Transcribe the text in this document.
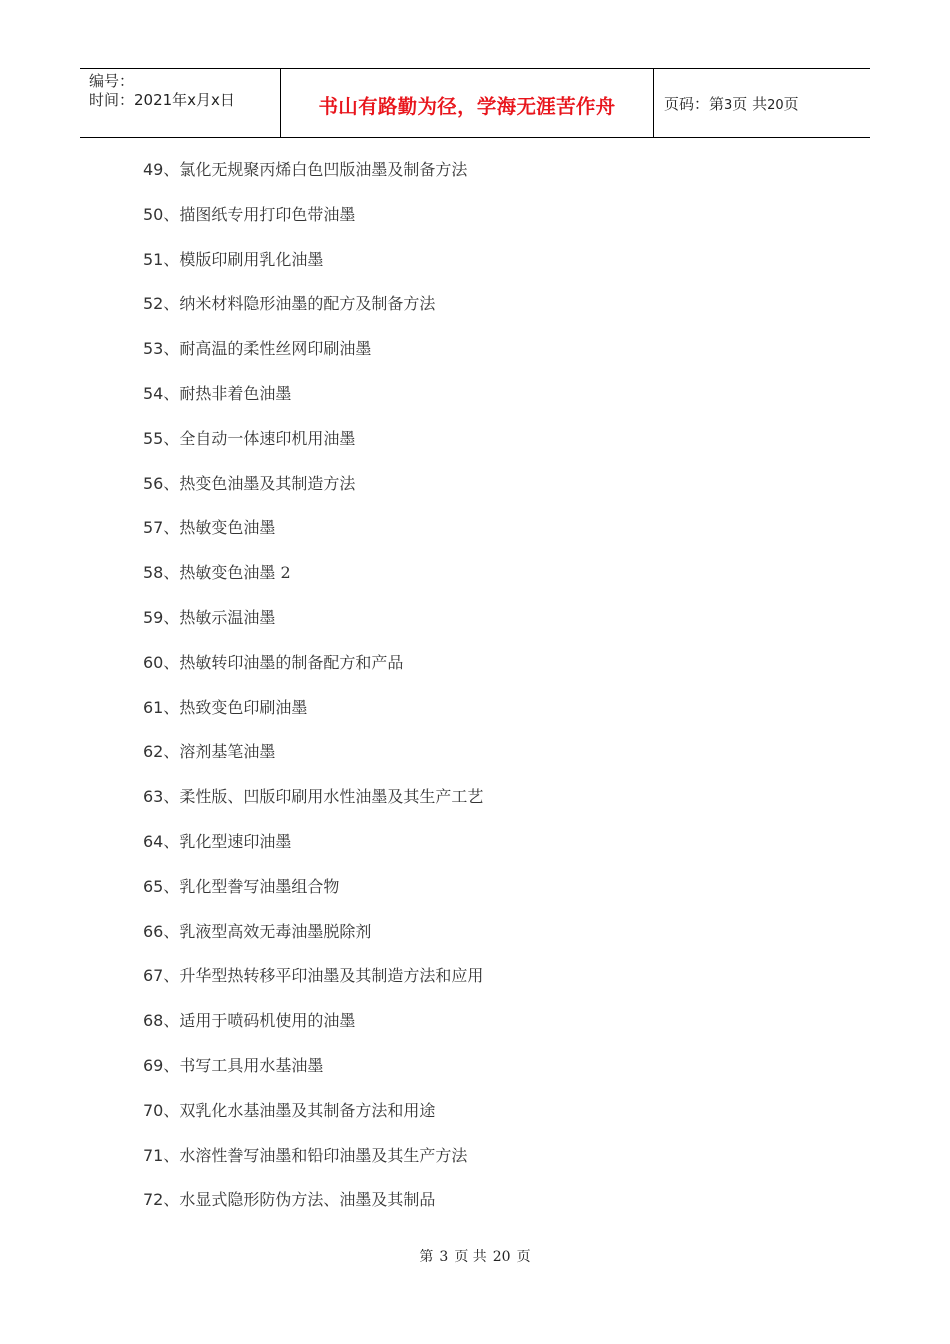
编号：
时间：2021年x月x日	书山有路勤为径，学海无涯苦作舟	页码：第3页 共20页
49、氯化无规聚丙烯白色凹版油墨及制备方法
50、描图纸专用打印色带油墨
51、模版印刷用乳化油墨
52、纳米材料隐形油墨的配方及制备方法
53、耐高温的柔性丝网印刷油墨
54、耐热非着色油墨
55、全自动一体速印机用油墨
56、热变色油墨及其制造方法
57、热敏变色油墨
58、热敏变色油墨 2
59、热敏示温油墨
60、热敏转印油墨的制备配方和产品
61、热致变色印刷油墨
62、溶剂基笔油墨
63、柔性版、凹版印刷用水性油墨及其生产工艺
64、乳化型速印油墨
65、乳化型誊写油墨组合物
66、乳液型高效无毒油墨脱除剂
67、升华型热转移平印油墨及其制造方法和应用
68、适用于喷码机使用的油墨
69、书写工具用水基油墨
70、双乳化水基油墨及其制备方法和用途
71、水溶性誊写油墨和铅印油墨及其生产方法
72、水显式隐形防伪方法、油墨及其制品
第 3 页 共 20 页
